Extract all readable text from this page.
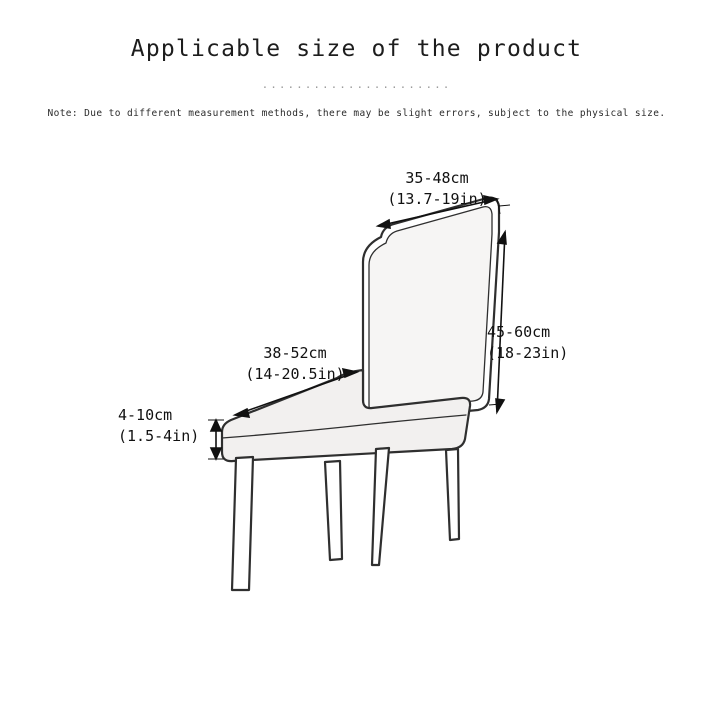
Applicable size of the product
......................
Note: Due to different measurement methods, there may be slight errors, subject to the physical size.
35-48cm
(13.7-19in)
38-52cm
(14-20.5in)
45-60cm
(18-23in)
4-10cm
(1.5-4in)
